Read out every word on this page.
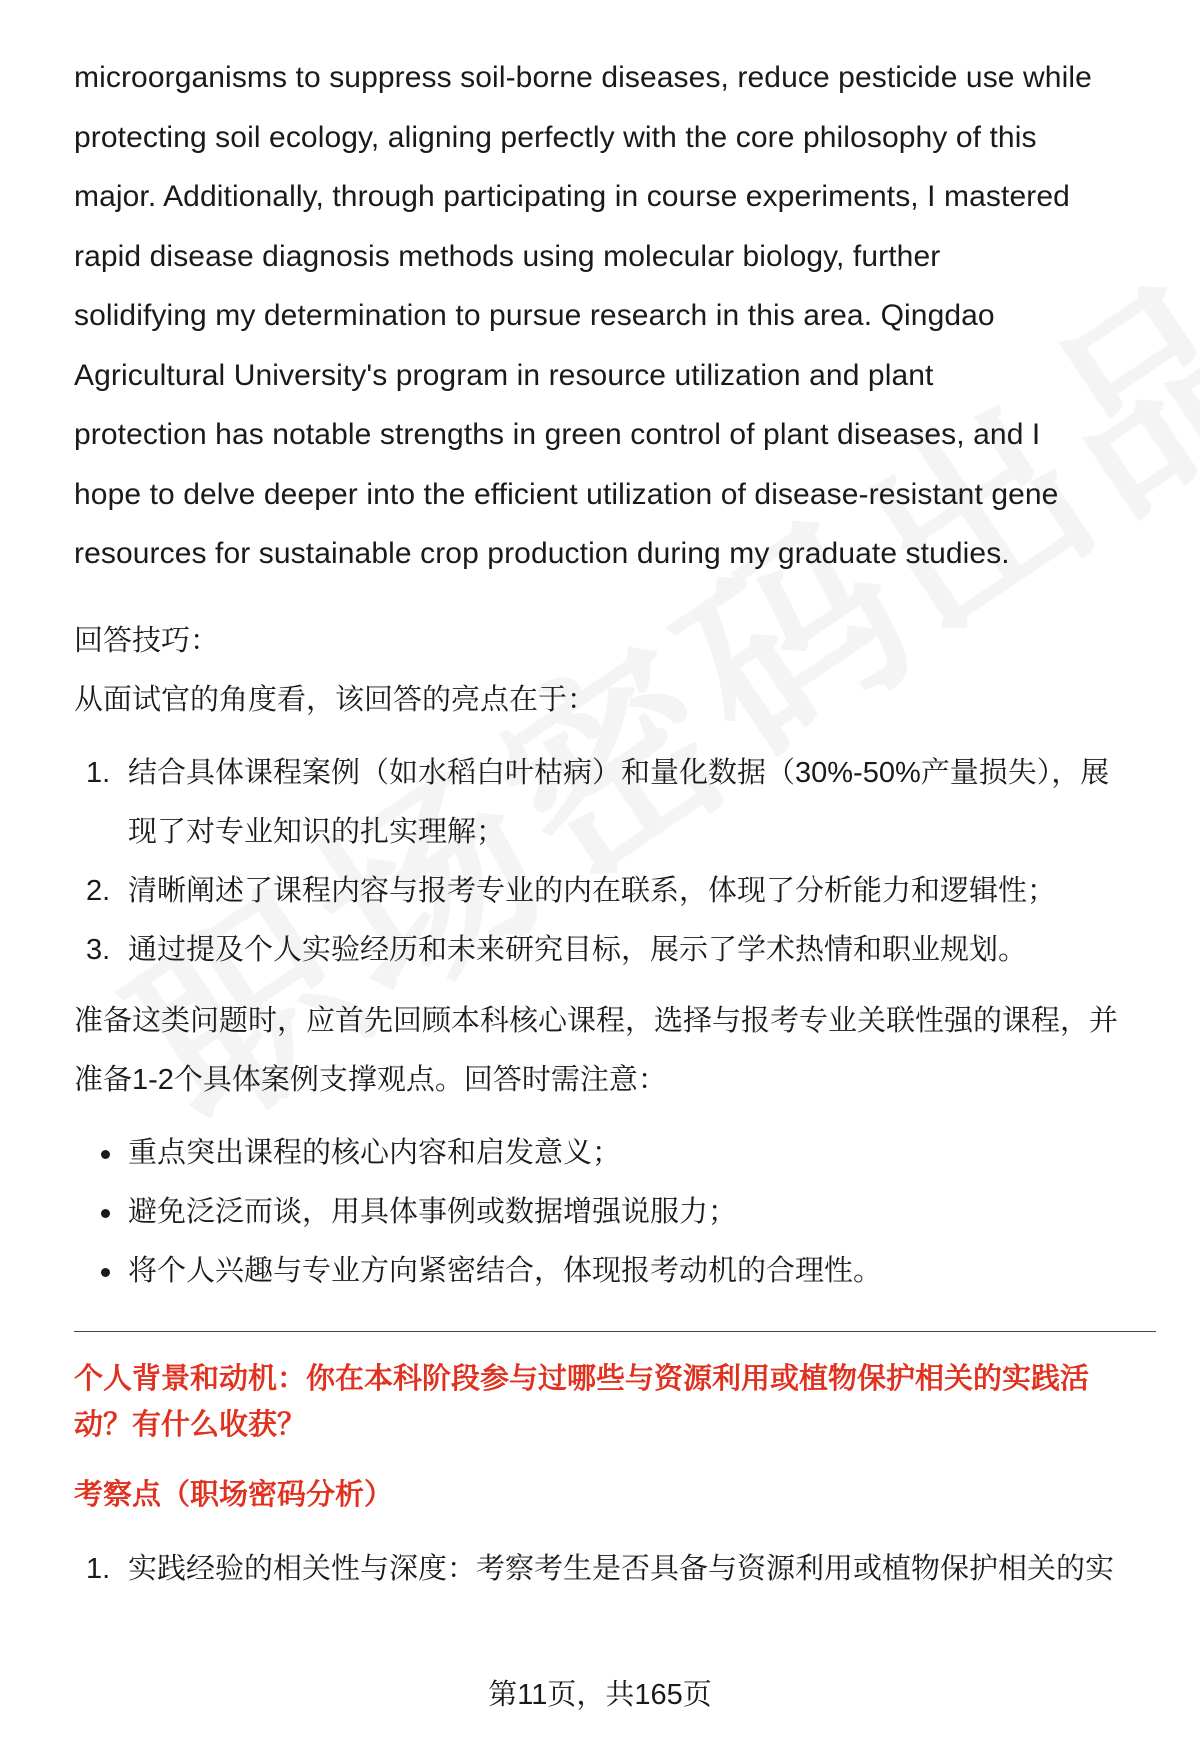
microorganisms to suppress soil-borne diseases, reduce pesticide use while

protecting soil ecology, aligning perfectly with the core philosophy of this

major. Additionally, through participating in course experiments, I mastered

rapid disease diagnosis methods using molecular biology, further

solidifying my determination to pursue research in this area. Qingdao

Agricultural University's program in resource utilization and plant

protection has notable strengths in green control of plant diseases, and I

hope to delve deeper into the efficient utilization of disease-resistant gene

resources for sustainable crop production during my graduate studies.

回答技巧：

从面试官的角度看，该回答的亮点在于：

1. 结合具体课程案例（如水稻白叶枯病）和量化数据（30%-50%产量损失），展
现了对专业知识的扎实理解；
2. 清晰阐述了课程内容与报考专业的内在联系，体现了分析能力和逻辑性；
3. 通过提及个人实验经历和未来研究目标，展示了学术热情和职业规划。

准备这类问题时，应首先回顾本科核心课程，选择与报考专业关联性强的课程，并

准备1-2个具体案例支撑观点。回答时需注意：

重点突出课程的核心内容和启发意义；
避免泛泛而谈，用具体事例或数据增强说服力；
将个人兴趣与专业方向紧密结合，体现报考动机的合理性。
个人背景和动机：你在本科阶段参与过哪些与资源利用或植物保护相关的实践活
动？有什么收获？
考察点（职场密码分析）
1. 实践经验的相关性与深度：考察考生是否具备与资源利用或植物保护相关的实
第11页，共165页
